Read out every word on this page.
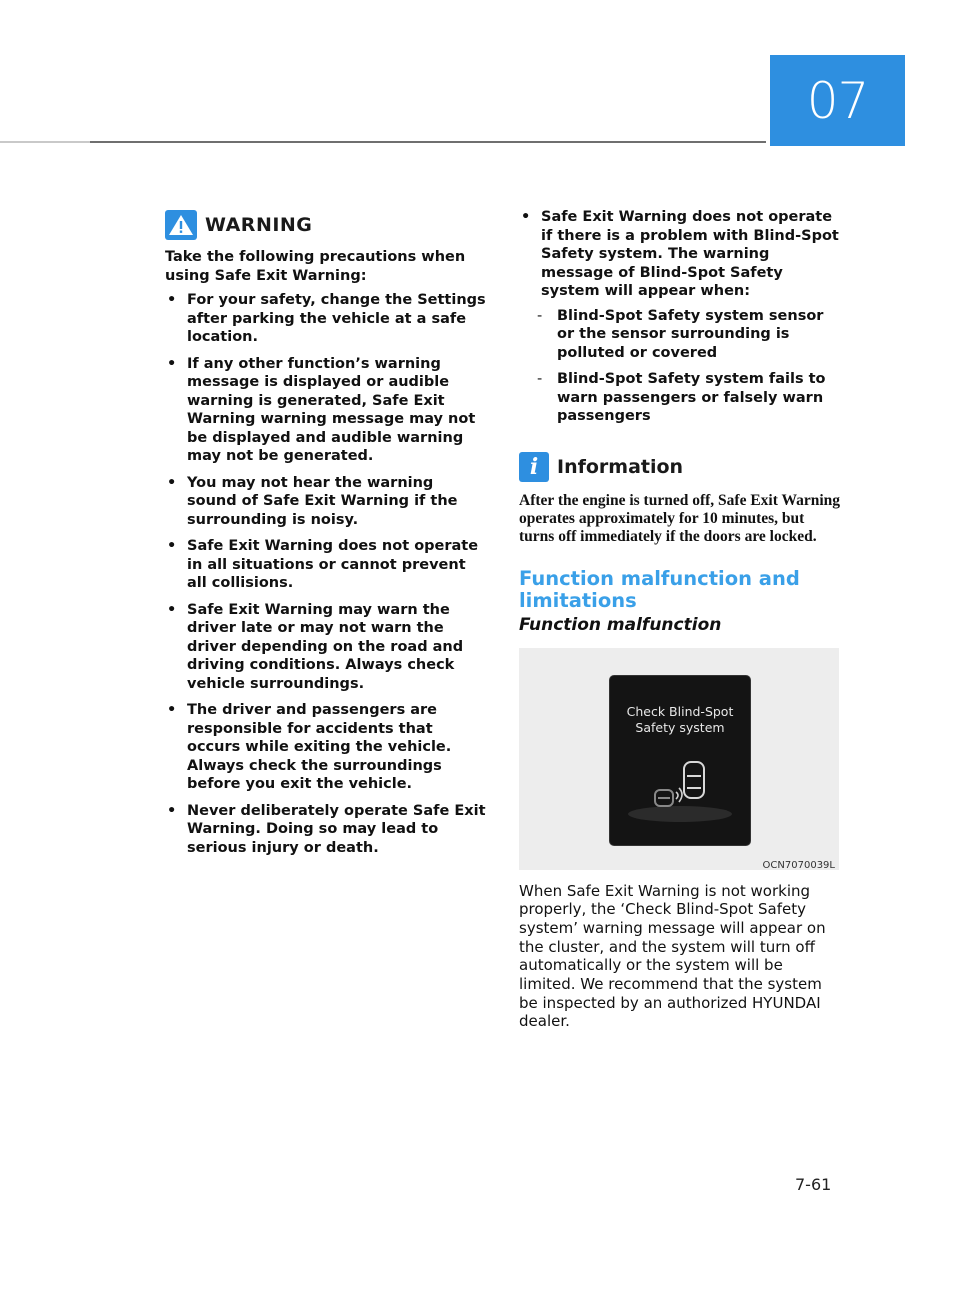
07
WARNING
Take the following precautions when using Safe Exit Warning:
• For your safety, change the Settings after parking the vehicle at a safe location.
• If any other function’s warning message is displayed or audible warning is generated, Safe Exit Warning warning message may not be displayed and audible warning may not be generated.
• You may not hear the warning sound of Safe Exit Warning if the surrounding is noisy.
• Safe Exit Warning does not operate in all situations or cannot prevent all collisions.
• Safe Exit Warning may warn the driver late or may not warn the driver depending on the road and driving conditions. Always check vehicle surroundings.
• The driver and passengers are responsible for accidents that occurs while exiting the vehicle. Always check the surroundings before you exit the vehicle.
• Never deliberately operate Safe Exit Warning. Doing so may lead to serious injury or death.
• Safe Exit Warning does not operate if there is a problem with Blind-Spot Safety system. The warning message of Blind-Spot Safety system will appear when:
- Blind-Spot Safety system sensor or the sensor surrounding is polluted or covered
- Blind-Spot Safety system fails to warn passengers or falsely warn passengers
i Information
After the engine is turned off, Safe Exit Warning operates approximately for 10 minutes, but turns off immediately if the doors are locked.
Function malfunction and limitations
Function malfunction
Check Blind-Spot
Safety system
OCN7070039L
When Safe Exit Warning is not working properly, the ‘Check Blind-Spot Safety system’ warning message will appear on the cluster, and the system will turn off automatically or the system will be limited. We recommend that the system be inspected by an authorized HYUNDAI dealer.
7-61
